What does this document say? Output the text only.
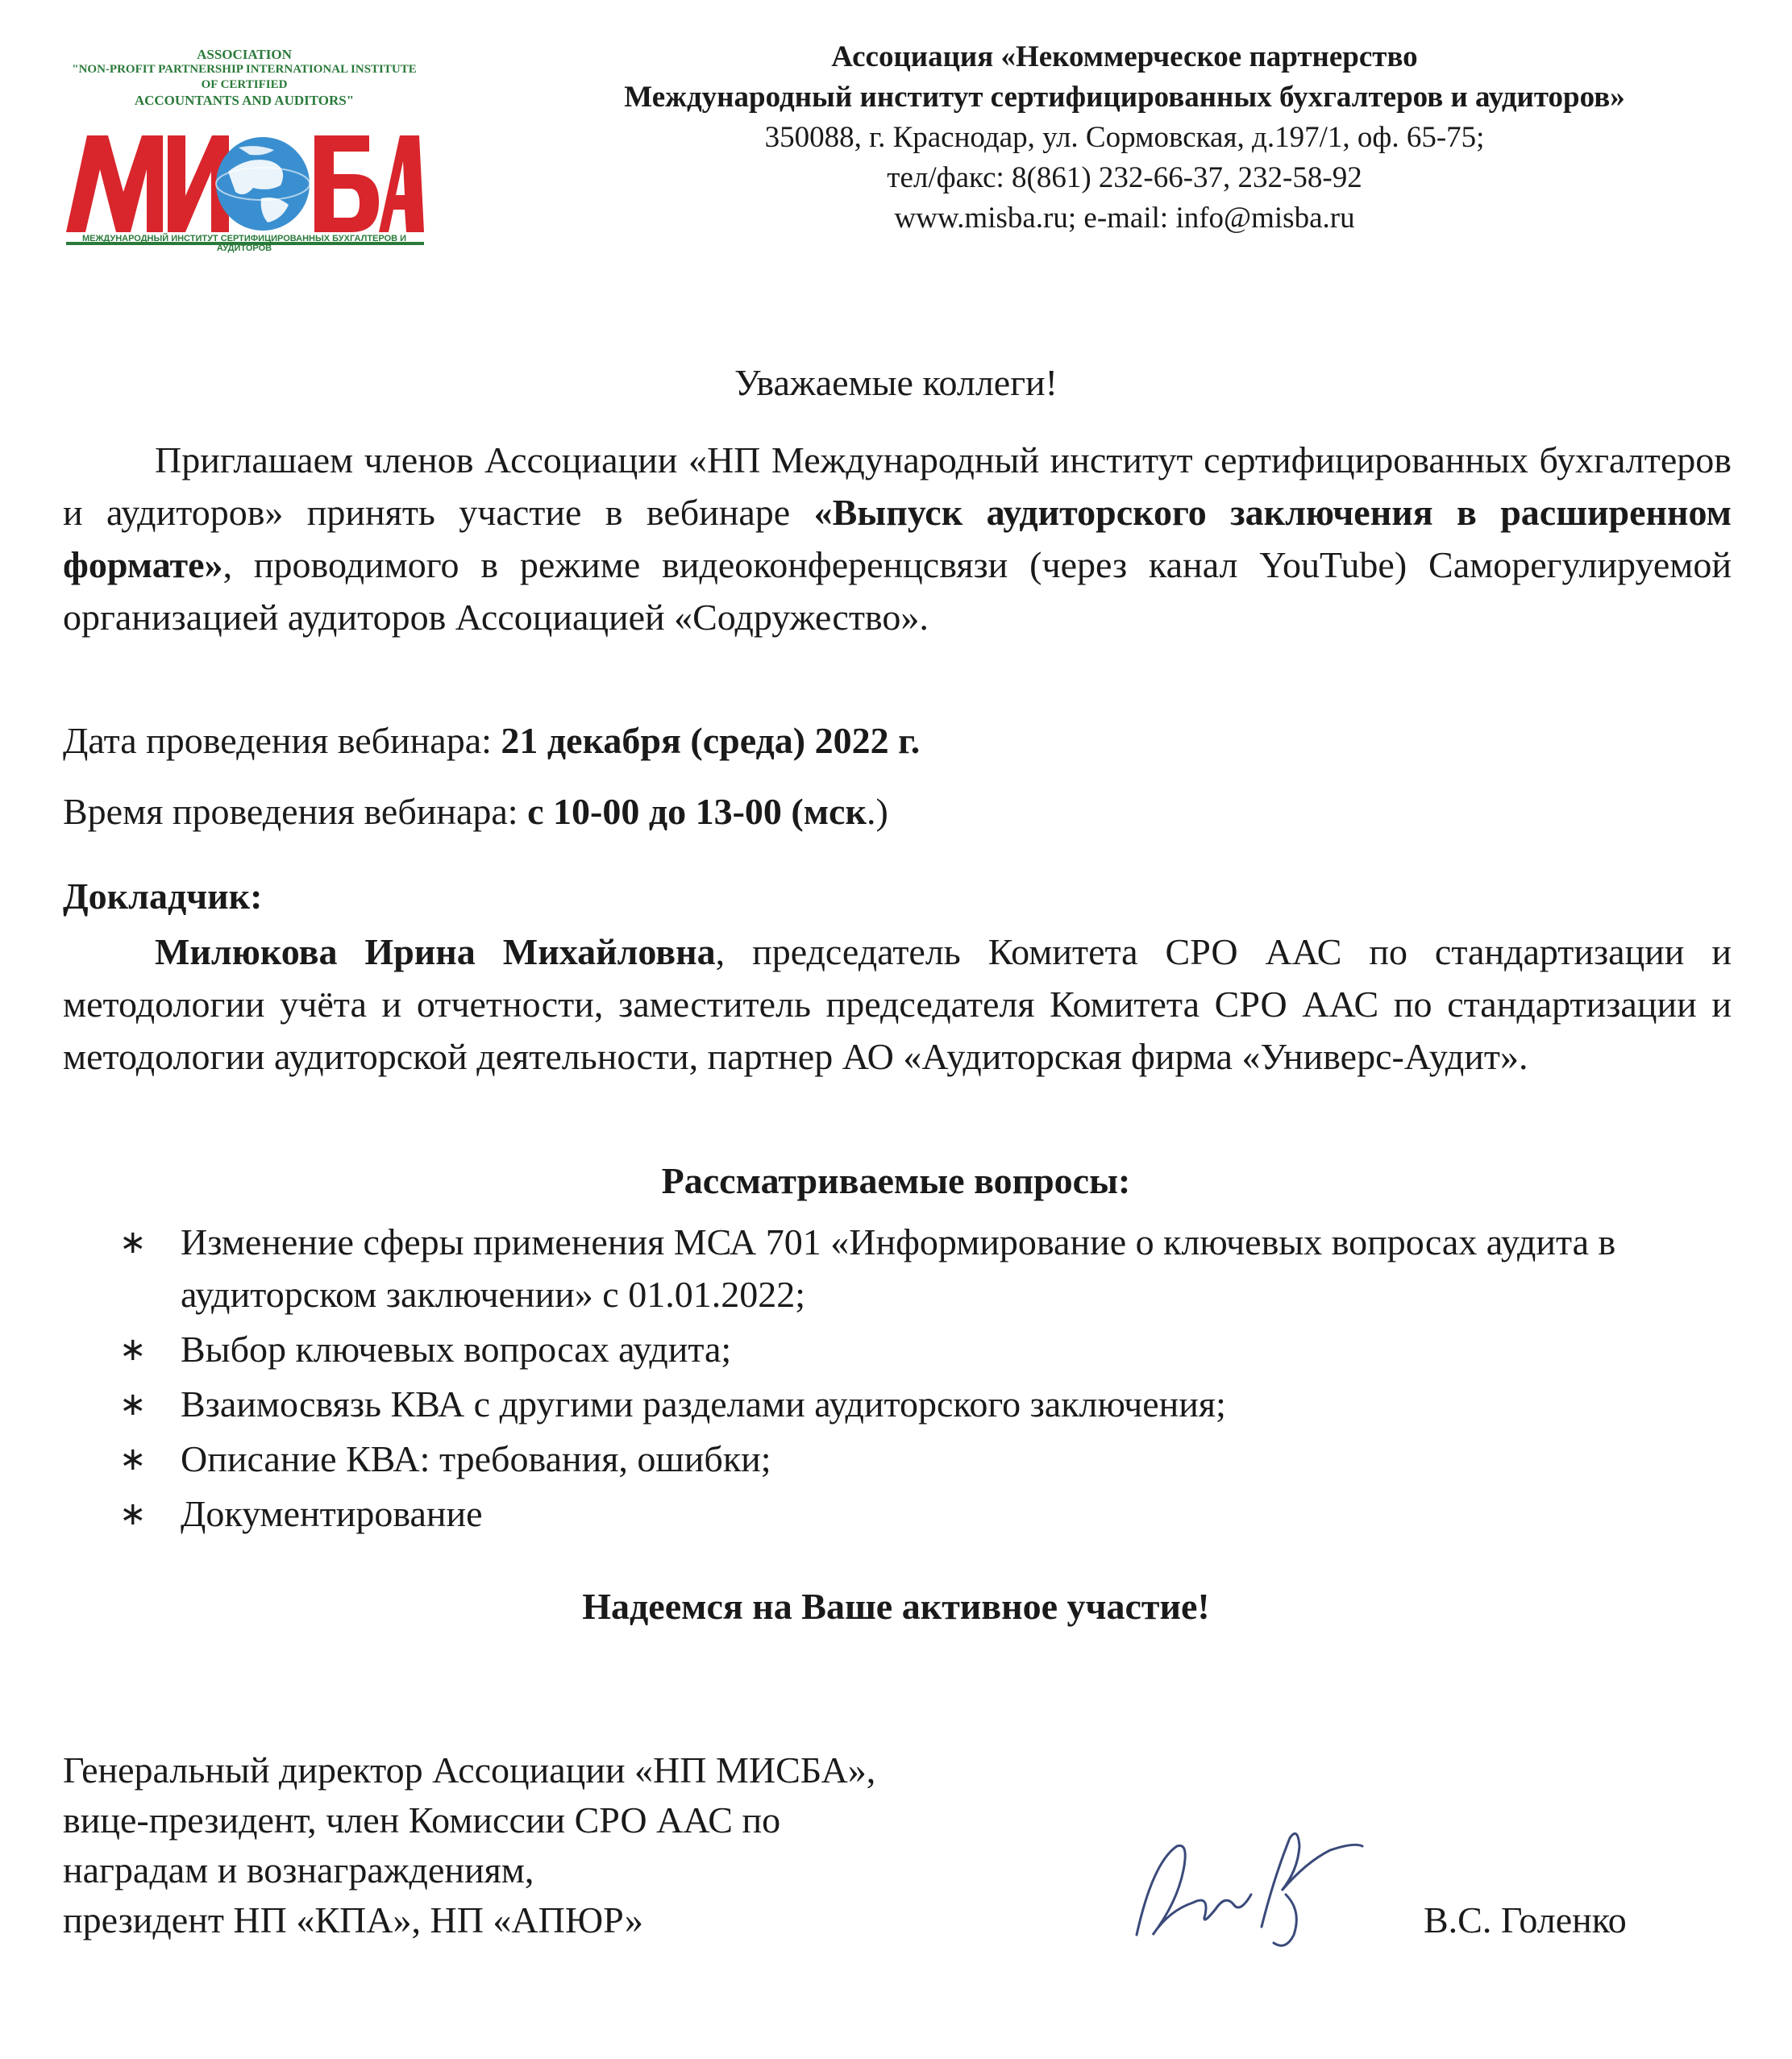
ASSOCIATION
"NON-PROFIT PARTNERSHIP INTERNATIONAL INSTITUTE OF CERTIFIED
ACCOUNTANTS AND AUDITORS"
МЕЖДУНАРОДНЫЙ ИНСТИТУТ СЕРТИФИЦИРОВАННЫХ БУХГАЛТЕРОВ И АУДИТОРОВ
Ассоциация «Некоммерческое партнерство
Международный институт сертифицированных бухгалтеров и аудиторов»
350088, г. Краснодар, ул. Сормовская, д.197/1, оф. 65-75;
тел/факс: 8(861) 232-66-37, 232-58-92
www.misba.ru; e-mail: info@misba.ru
Уважаемые коллеги!
Приглашаем членов Ассоциации «НП Международный институт сертифицированных бухгалтеров и аудиторов» принять участие в вебинаре «Выпуск аудиторского заключения в расширенном формате», проводимого в режиме видеоконференцсвязи (через канал YouTube) Саморегулируемой организацией аудиторов Ассоциацией «Содружество».
Дата проведения вебинара: 21 декабря (среда) 2022 г.
Время проведения вебинара: с 10-00 до 13-00 (мск.)
Докладчик:
Милюкова Ирина Михайловна, председатель Комитета СРО ААС по стандартизации и методологии учёта и отчетности, заместитель председателя Комитета СРО ААС по стандартизации и методологии аудиторской деятельности, партнер АО «Аудиторская фирма «Универс-Аудит».
Рассматриваемые вопросы:
∗ Изменение сферы применения МСА 701 «Информирование о ключевых вопросах аудита в аудиторском заключении» с 01.01.2022;
∗ Выбор ключевых вопросах аудита;
∗ Взаимосвязь КВА с другими разделами аудиторского заключения;
∗ Описание КВА: требования, ошибки;
∗ Документирование
Надеемся на Ваше активное участие!
Генеральный директор Ассоциации «НП МИСБА»,
вице-президент, член Комиссии СРО ААС по
наградам и вознаграждениям,
президент НП «КПА», НП «АПЮР»	В.С. Голенко
